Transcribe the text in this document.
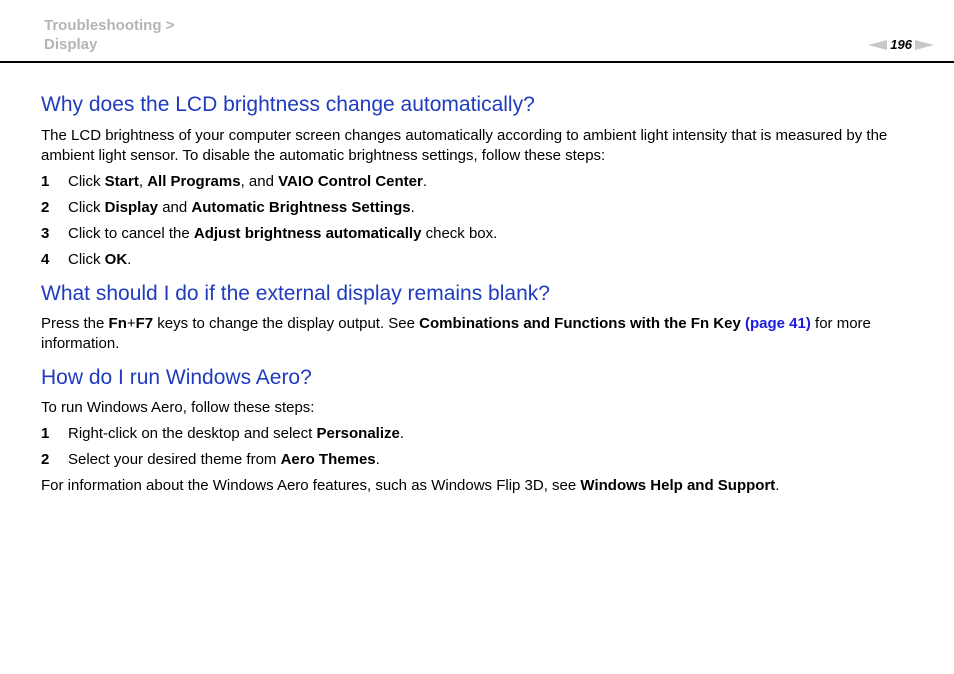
Troubleshooting >
Display	196
Why does the LCD brightness change automatically?

The LCD brightness of your computer screen changes automatically according to ambient light intensity that is measured by the ambient light sensor. To disable the automatic brightness settings, follow these steps:

1	Click Start, All Programs, and VAIO Control Center.
2	Click Display and Automatic Brightness Settings.
3	Click to cancel the Adjust brightness automatically check box.
4	Click OK.
What should I do if the external display remains blank?

Press the Fn+F7 keys to change the display output. See Combinations and Functions with the Fn Key (page 41) for more information.

How do I run Windows Aero?

To run Windows Aero, follow these steps:

1	Right-click on the desktop and select Personalize.
2	Select your desired theme from Aero Themes.

For information about the Windows Aero features, such as Windows Flip 3D, see Windows Help and Support.
